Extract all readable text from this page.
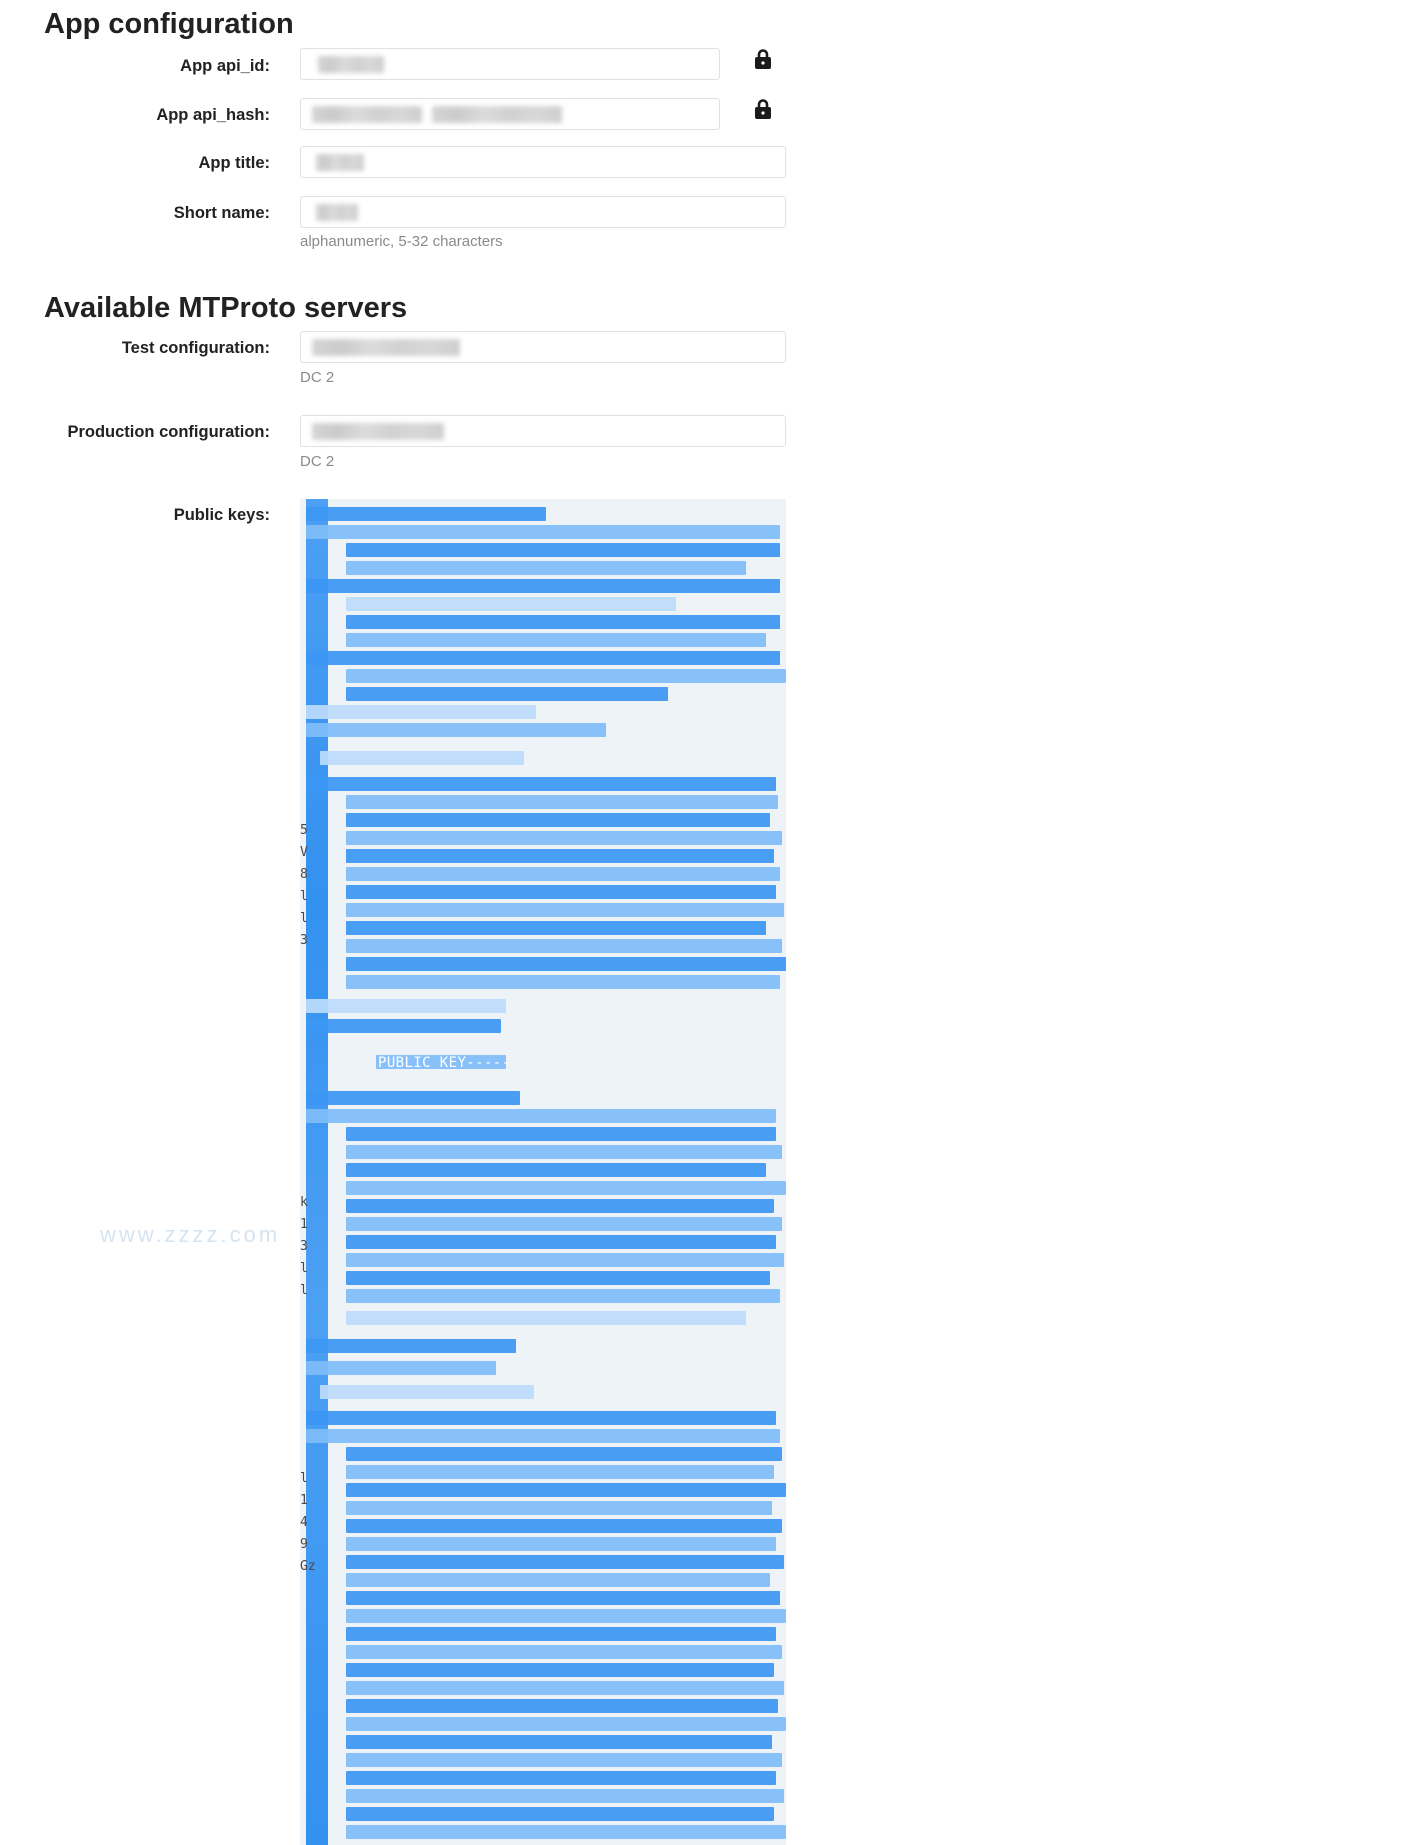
App configuration
App api_id:
App api_hash:
App title:
Short name:
alphanumeric, 5-32 characters
Available MTProto servers
Test configuration:
DC 2
Production configuration:
DC 2
Public keys:
5
V
8
l
l
3
k
1
3
l
l
l
1
4
9
Gz
-----BEGIN RSA PU
PUBLIC KEY-----
www.zzzz.com
